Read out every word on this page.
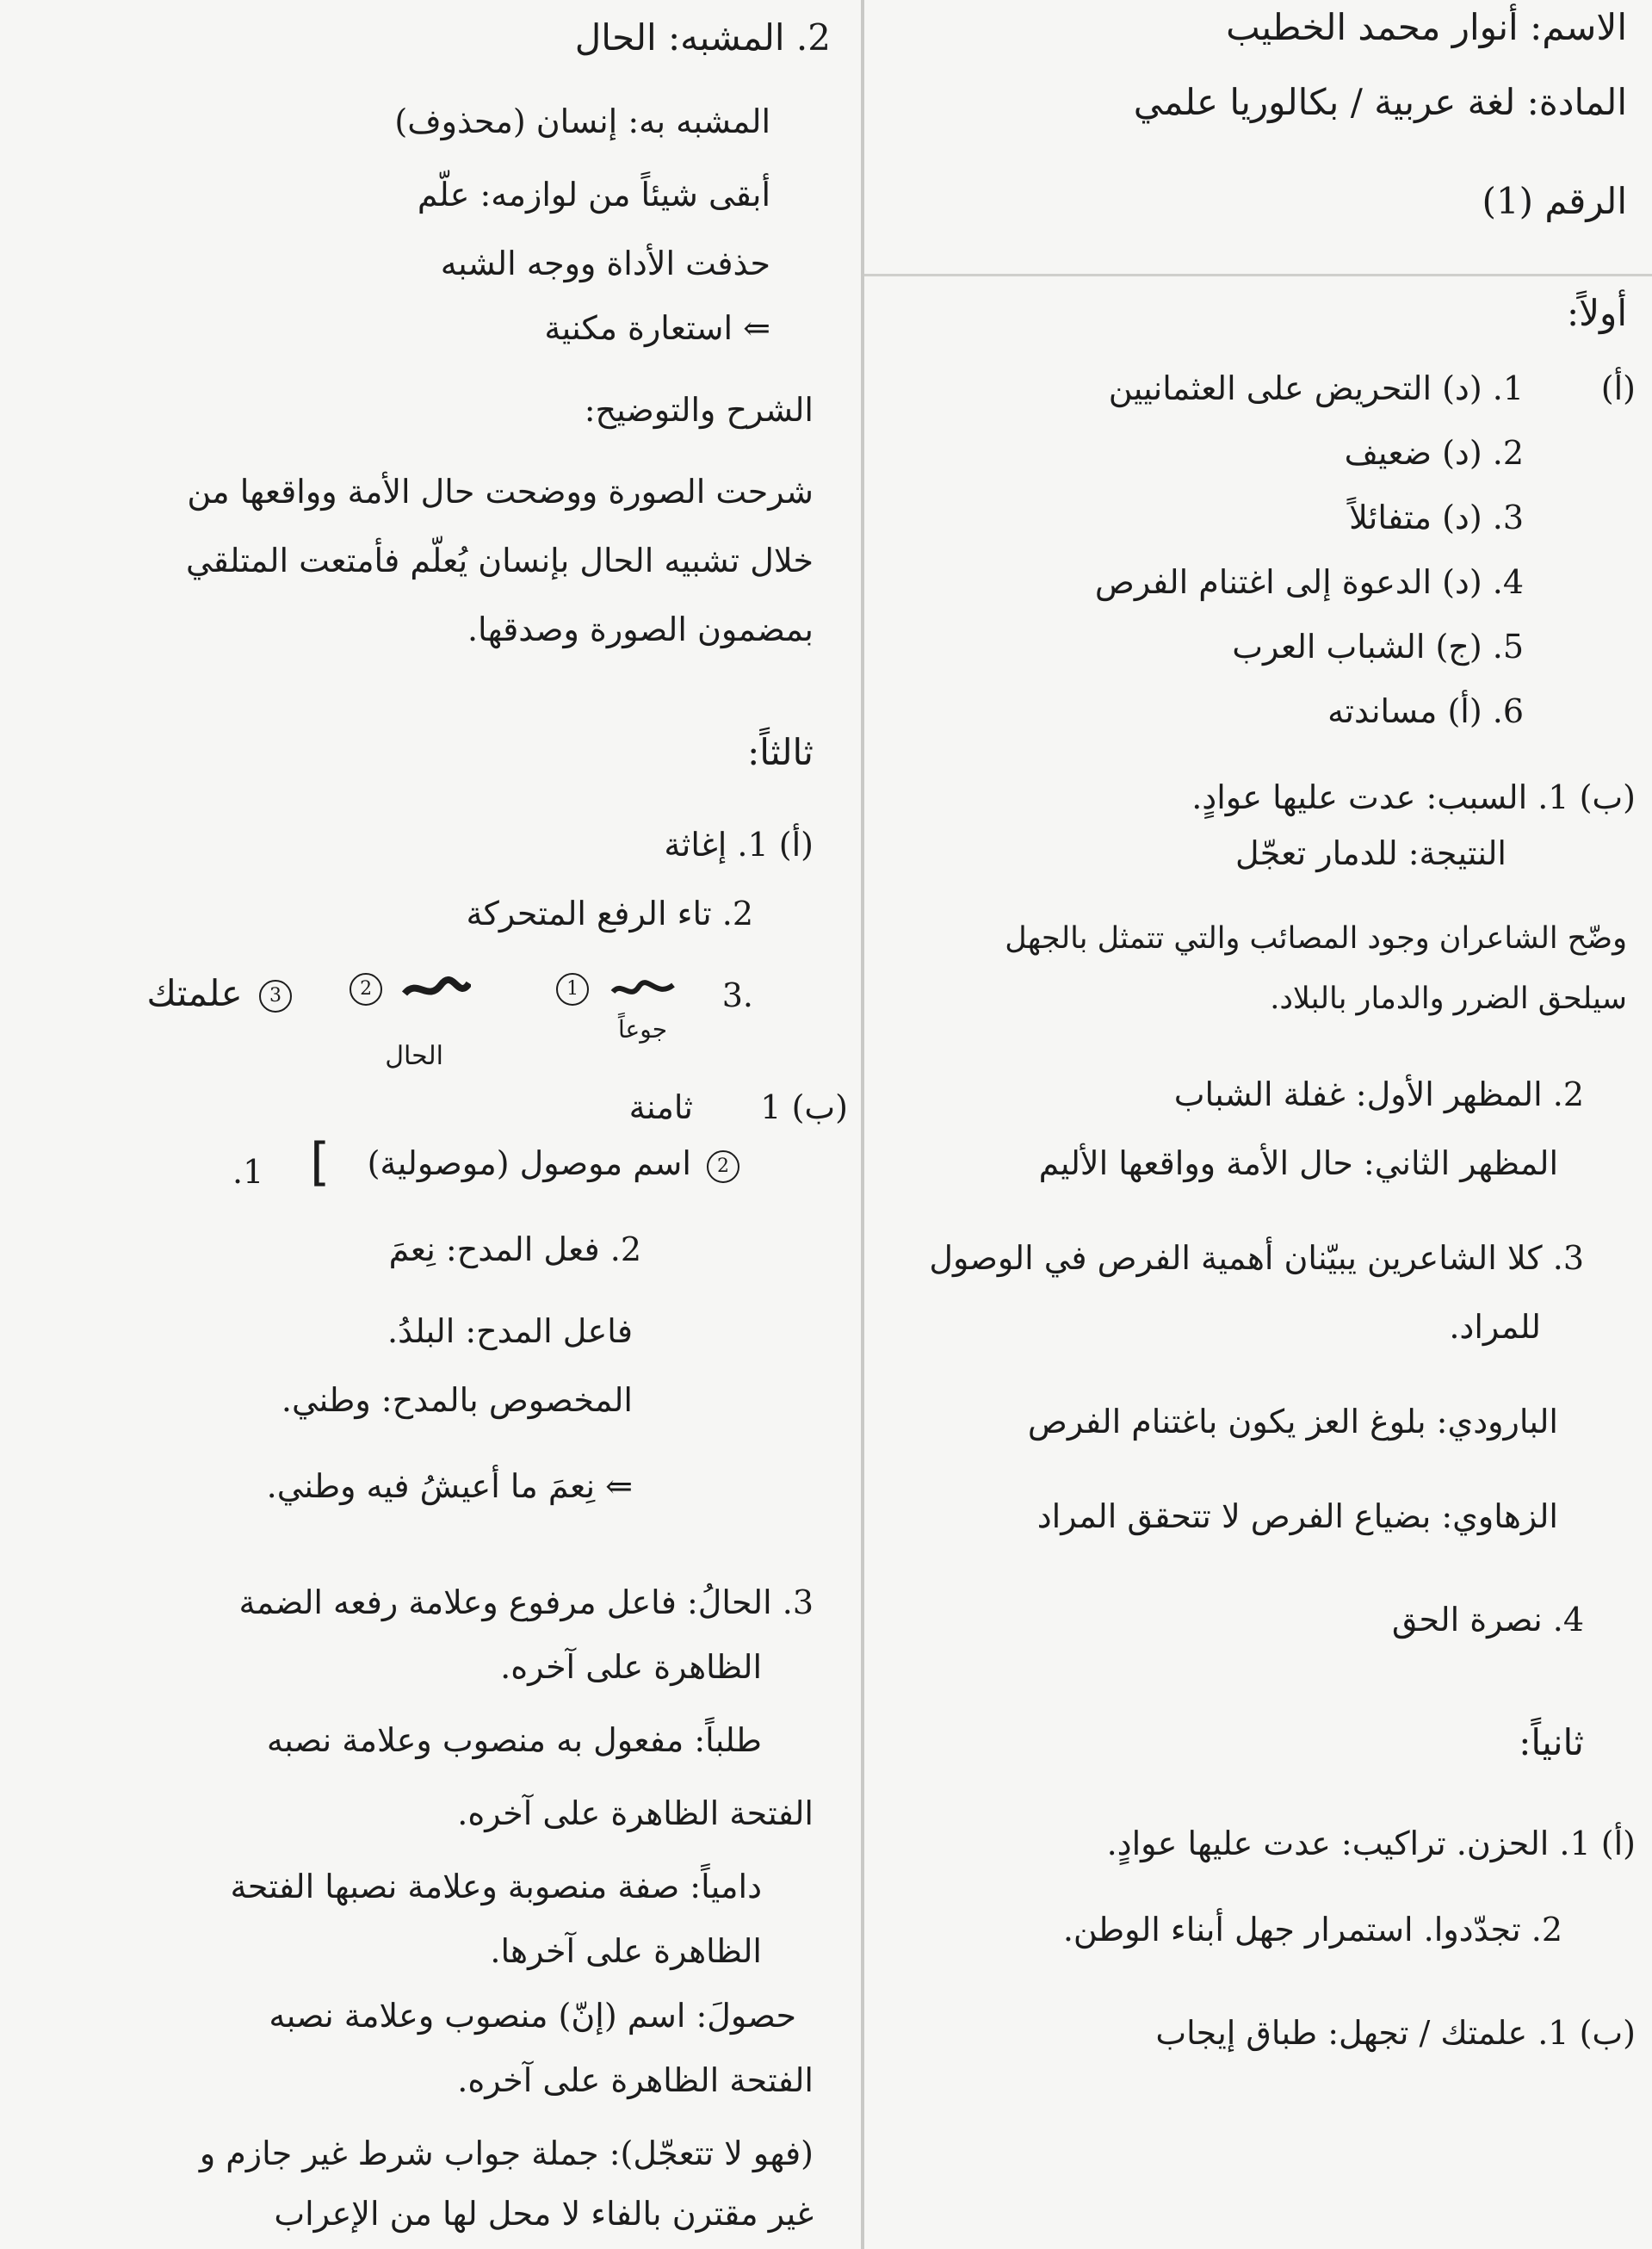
الاسم: أنوار محمد الخطيب
المادة: لغة عربية / بكالوريا علمي
الرقم (1)
أولاً:
(أ)
1. (د) التحريض على العثمانيين
2. (د) ضعيف
3. (د) متفائلاً
4. (د) الدعوة إلى اغتنام الفرص
5. (ج) الشباب العرب
6. (أ) مساندته
(ب) 1. السبب: عدت عليها عوادٍ.
النتيجة: للدمار تعجّل
وضّح الشاعران وجود المصائب والتي تتمثل بالجهل
سيلحق الضرر والدمار بالبلاد.
2. المظهر الأول: غفلة الشباب
المظهر الثاني: حال الأمة وواقعها الأليم
3. كلا الشاعرين يبيّنان أهمية الفرص في الوصول
للمراد.
البارودي: بلوغ العز يكون باغتنام الفرص
الزهاوي: بضياع الفرص لا تتحقق المراد
4. نصرة الحق
ثانياً:
(أ) 1. الحزن. تراكيب: عدت عليها عوادٍ.
2. تجدّدوا. استمرار جهل أبناء الوطن.
(ب) 1. علمتك / تجهل: طباق إيجاب
2. المشبه: الحال
المشبه به: إنسان (محذوف)
أبقى شيئاً من لوازمه: علّم
حذفت الأداة ووجه الشبه
⇐ استعارة مكنية
الشرح والتوضيح:
شرحت الصورة ووضحت حال الأمة وواقعها من
خلال تشبيه الحال بإنسان يُعلّم فأمتعت المتلقي
بمضمون الصورة وصدقها.
ثالثاً:
(أ) 1. إغاثة
2. تاء الرفع المتحركة
3.
1
جوعاً
2
الحال
3 علمتك
(ب) 1
ثامنة
2 اسم موصول (موصولية)
]
.1
2. فعل المدح: نِعمَ
فاعل المدح: البلدُ.
المخصوص بالمدح: وطني.
⇐ نِعمَ ما أعيشُ فيه وطني.
3. الحالُ: فاعل مرفوع وعلامة رفعه الضمة
الظاهرة على آخره.
طلباً: مفعول به منصوب وعلامة نصبه
الفتحة الظاهرة على آخره.
دامياً: صفة منصوبة وعلامة نصبها الفتحة
الظاهرة على آخرها.
حصولَ: اسم (إنّ) منصوب وعلامة نصبه
الفتحة الظاهرة على آخره.
(فهو لا تتعجّل): جملة جواب شرط غير جازم و
غير مقترن بالفاء لا محل لها من الإعراب
